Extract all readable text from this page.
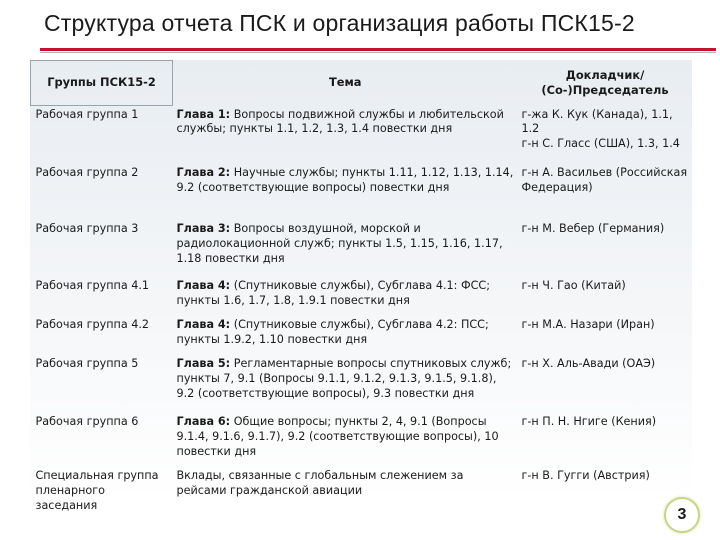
Структура отчета ПСК и организация работы ПСК15-2
Группы ПСК15-2	Тема	Докладчик/
(Со-)Председатель
Рабочая группа 1	Глава 1: Вопросы подвижной службы и любительской службы; пункты 1.1, 1.2, 1.3, 1.4 повестки дня	г-жа К. Кук (Канада), 1.1, 1.2
г-н С. Гласс (США), 1.3, 1.4
Рабочая группа 2	Глава 2: Научные службы; пункты 1.11, 1.12, 1.13, 1.14, 9.2 (соответствующие вопросы) повестки дня	г-н А. Васильев (Российская Федерация)
Рабочая группа 3	Глава 3: Вопросы воздушной, морской и радиолокационной служб; пункты 1.5, 1.15, 1.16, 1.17, 1.18 повестки дня	г-н М. Вебер (Германия)
Рабочая группа 4.1	Глава 4: (Спутниковые службы), Субглава 4.1: ФСС; пункты 1.6, 1.7, 1.8, 1.9.1 повестки дня	г-н Ч. Гао (Китай)
Рабочая группа 4.2	Глава 4: (Спутниковые службы), Субглава 4.2: ПСС; пункты 1.9.2, 1.10 повестки дня	г-н М.А. Назари (Иран)
Рабочая группа 5	Глава 5: Регламентарные вопросы спутниковых служб; пункты 7, 9.1 (Вопросы 9.1.1, 9.1.2, 9.1.3, 9.1.5, 9.1.8), 9.2 (соответствующие вопросы), 9.3 повестки дня	г-н Х. Аль-Авади (ОАЭ)
Рабочая группа 6	Глава 6: Общие вопросы; пункты 2, 4, 9.1 (Вопросы 9.1.4, 9.1.6, 9.1.7), 9.2 (соответствующие вопросы), 10 повестки дня	г-н П. Н. Нгиге (Кения)
Специальная группа пленарного заседания	Вклады, связанные с глобальным слежением за рейсами гражданской авиации	г-н В. Гугги (Австрия)
3
